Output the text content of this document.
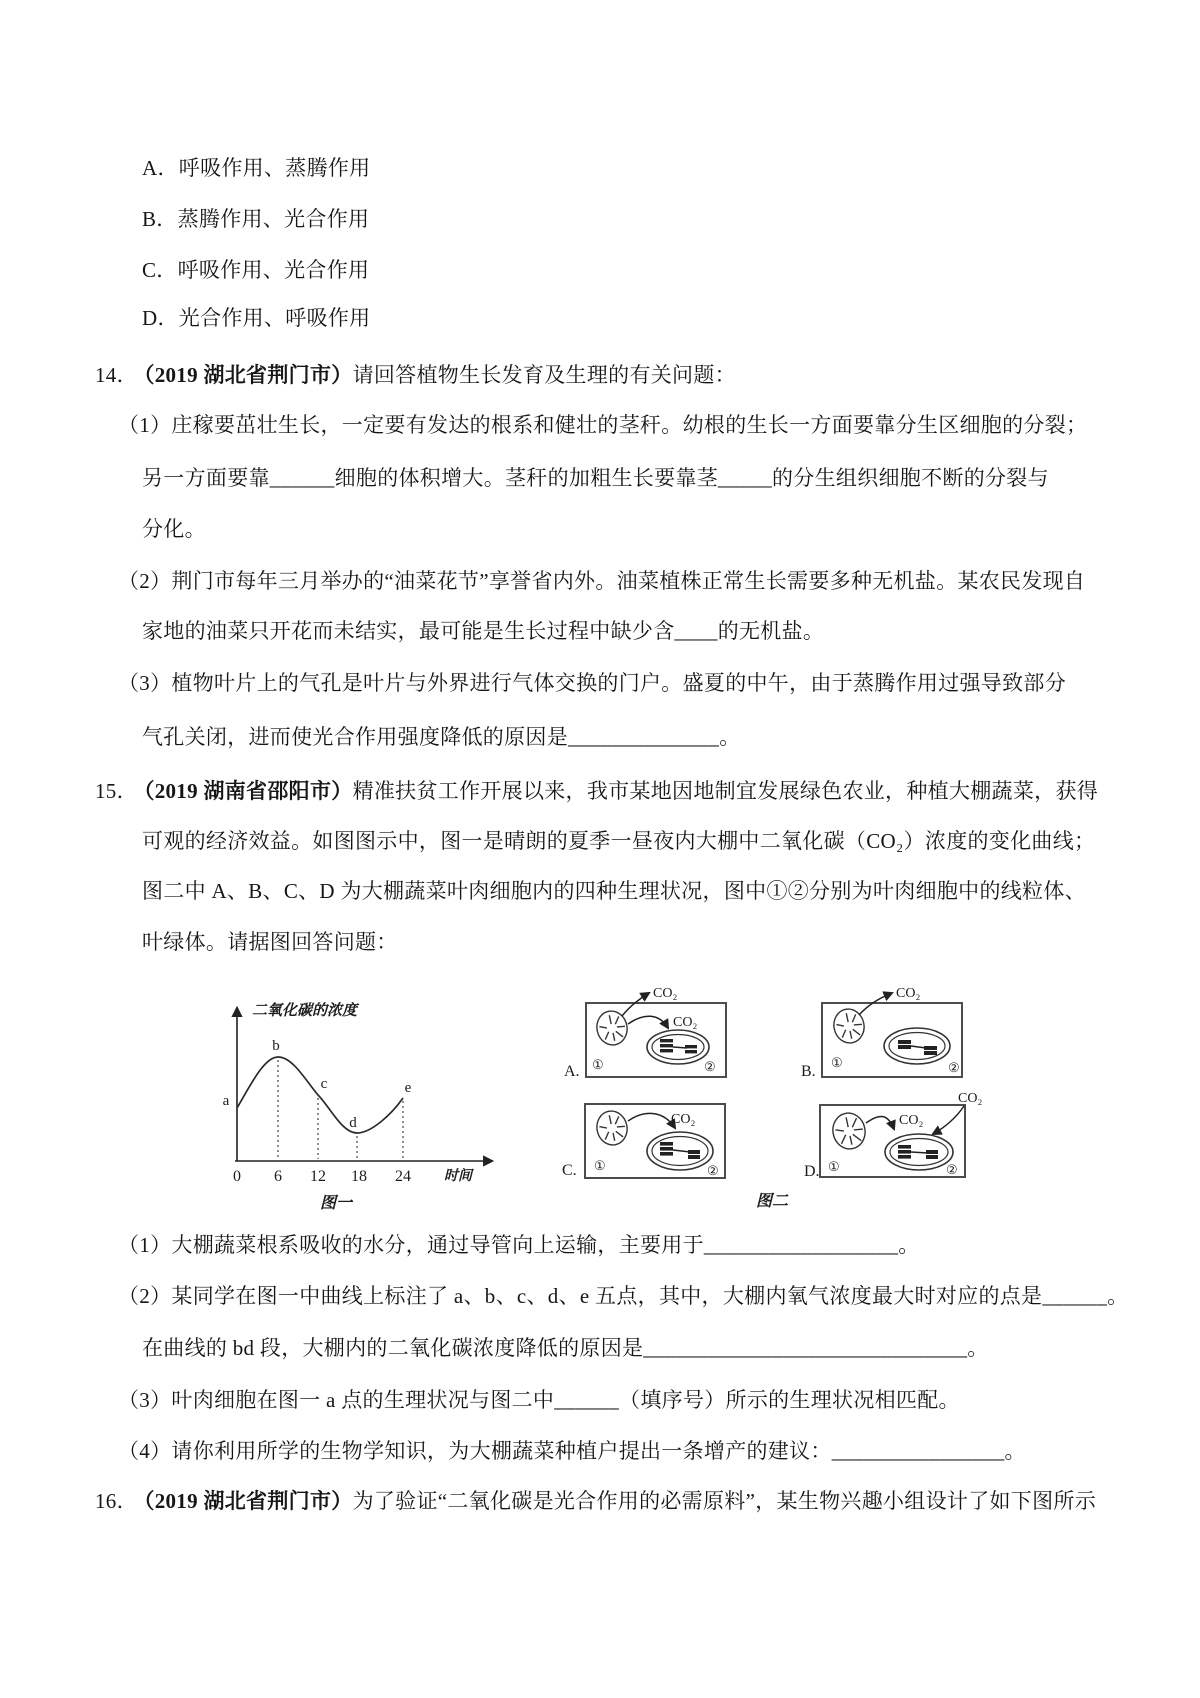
A．呼吸作用、蒸腾作用
B．蒸腾作用、光合作用
C．呼吸作用、光合作用
D．光合作用、呼吸作用
14． （2019 湖北省荆门市）请回答植物生长发育及生理的有关问题：
（1）庄稼要茁壮生长，一定要有发达的根系和健壮的茎秆。幼根的生长一方面要靠分生区细胞的分裂；
另一方面要靠______细胞的体积增大。茎秆的加粗生长要靠茎_____的分生组织细胞不断的分裂与
分化。
（2）荆门市每年三月举办的“油菜花节”享誉省内外。油菜植株正常生长需要多种无机盐。某农民发现自
家地的油菜只开花而未结实，最可能是生长过程中缺少含____的无机盐。
（3）植物叶片上的气孔是叶片与外界进行气体交换的门户。盛夏的中午，由于蒸腾作用过强导致部分
气孔关闭，进而使光合作用强度降低的原因是______________。
15． （2019 湖南省邵阳市）精准扶贫工作开展以来，我市某地因地制宜发展绿色农业，种植大棚蔬菜，获得
可观的经济效益。如图图示中，图一是晴朗的夏季一昼夜内大棚中二氧化碳（CO₂）浓度的变化曲线；
图二中 A、B、C、D 为大棚蔬菜叶肉细胞内的四种生理状况，图中①②分别为叶肉细胞中的线粒体、
叶绿体。请据图回答问题：
二氧化碳的浓度
a
b
c
d
e
0 6 12 18 24 时间
图一
①	②
A.
CO₂
CO₂
①	②
B.
CO₂
①	②
C.
CO₂
①	②
D.
CO₂
CO₂
图二
（1）大棚蔬菜根系吸收的水分，通过导管向上运输，主要用于__________________。
（2）某同学在图一中曲线上标注了 a、b、c、d、e 五点，其中，大棚内氧气浓度最大时对应的点是______。
在曲线的 bd 段，大棚内的二氧化碳浓度降低的原因是______________________________。
（3）叶肉细胞在图一 a 点的生理状况与图二中______（填序号）所示的生理状况相匹配。
（4）请你利用所学的生物学知识，为大棚蔬菜种植户提出一条增产的建议：________________。
16． （2019 湖北省荆门市）为了验证“二氧化碳是光合作用的必需原料”，某生物兴趣小组设计了如下图所示
